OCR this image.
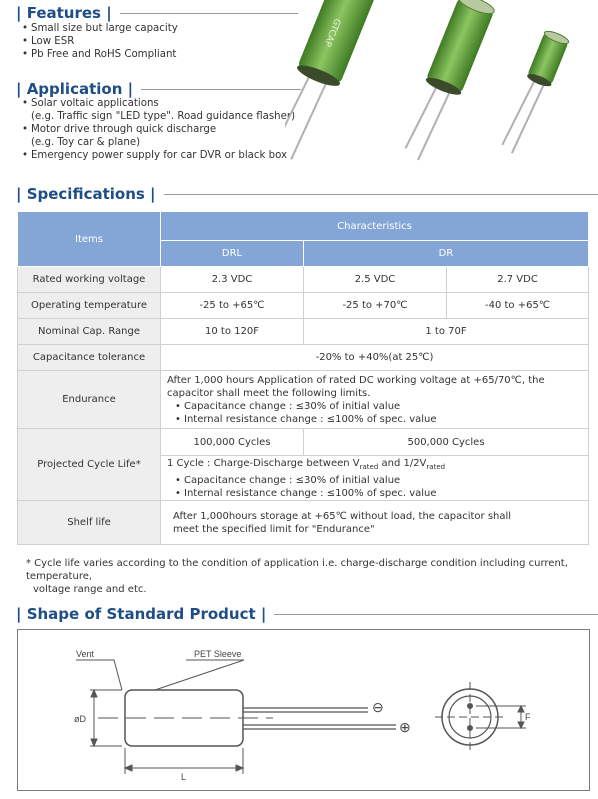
| Features |
• Small size but large capacity
• Low ESR
• Pb Free and RoHS Compliant
| Application |
• Solar voltaic applications
(e.g. Traffic sign "LED type". Road guidance flasher)
• Motor drive through quick discharge
(e.g. Toy car & plane)
• Emergency power supply for car DVR or black box
GTCAP
| Specifications |
Items	Characteristics		
	DRL	DR	
Rated working voltage	2.3 VDC	2.5 VDC	2.7 VDC
Operating temperature	-25 to +65℃	-25 to +70℃	-40 to +65℃
Nominal Cap. Range	10 to 120F	1 to 70F	
Capacitance tolerance	-20% to +40%(at 25℃)		
Endurance	After 1,000 hours Application of rated DC working voltage at +65/70℃, the capacitor shall meet the following limits.
• Capacitance change : ≤30% of initial value
• Internal resistance change : ≤100% of spec. value

Projected Cycle Life*	100,000 Cycles	500,000 Cycles	

	1 Cycle : Charge-Discharge between $V_{rated}$ and $1/2V_{rated}$
• Capacitance change : ≤30% of initial value
• Internal resistance change : ≤100% of spec. value

Shelf life	After 1,000hours storage at +65℃ without load, the capacitor shall
meet the specified limit for "Endurance"		
* Cycle life varies according to the condition of application i.e. charge-discharge condition including current, temperature,
voltage range and etc.
| Shape of Standard Product |
Vent	PET Sleeve
øD
L
F
⊖
⊕
